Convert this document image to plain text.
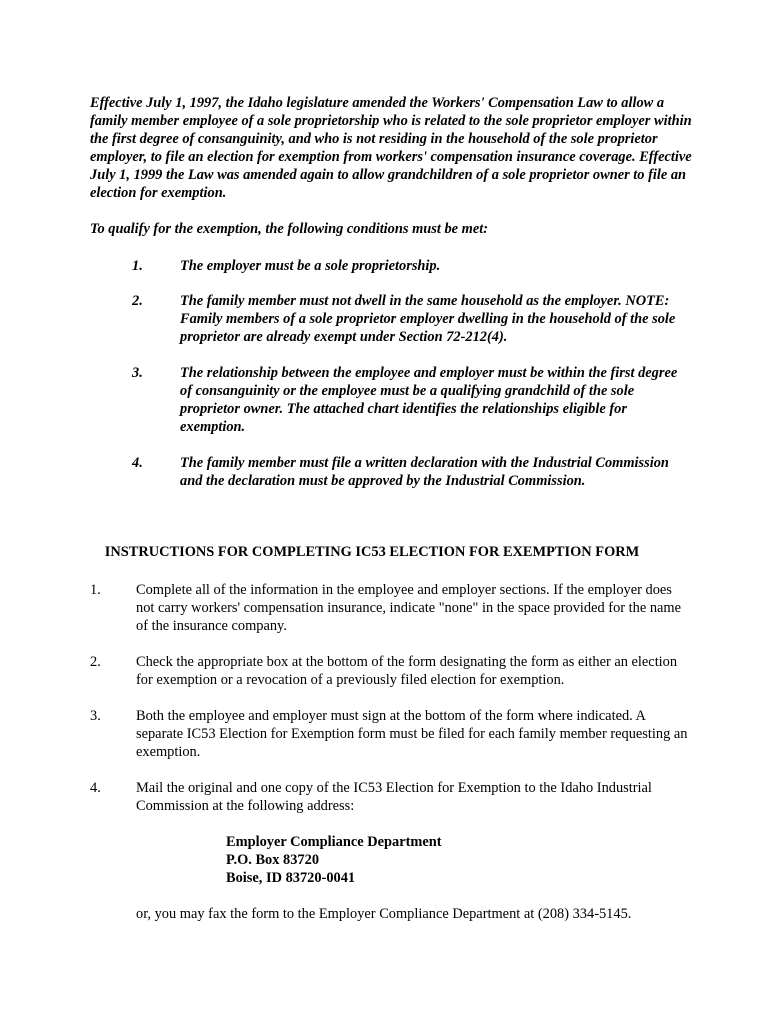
Effective July 1, 1997, the Idaho legislature amended the Workers' Compensation Law to allow a family member employee of a sole proprietorship who is related to the sole proprietor employer within the first degree of consanguinity, and who is not residing in the household of the sole proprietor employer, to file an election for exemption from workers' compensation insurance coverage. Effective July 1, 1999 the Law was amended again to allow grandchildren of a sole proprietor owner to file an election for exemption.

To qualify for the exemption, the following conditions must be met:

1.	The employer must be a sole proprietorship.
2.	The family member must not dwell in the same household as the employer. NOTE: Family members of a sole proprietor employer dwelling in the household of the sole proprietor are already exempt under Section 72-212(4).
3.	The relationship between the employee and employer must be within the first degree of consanguinity or the employee must be a qualifying grandchild of the sole proprietor owner. The attached chart identifies the relationships eligible for exemption.
4.	The family member must file a written declaration with the Industrial Commission and the declaration must be approved by the Industrial Commission.

INSTRUCTIONS FOR COMPLETING IC53 ELECTION FOR EXEMPTION FORM

1. Complete all of the information in the employee and employer sections. If the employer does not carry workers' compensation insurance, indicate "none" in the space provided for the name of the insurance company.
2. Check the appropriate box at the bottom of the form designating the form as either an election for exemption or a revocation of a previously filed election for exemption.
3. Both the employee and employer must sign at the bottom of the form where indicated. A separate IC53 Election for Exemption form must be filed for each family member requesting an exemption.
4. Mail the original and one copy of the IC53 Election for Exemption to the Idaho Industrial Commission at the following address:
Employer Compliance Department
P.O. Box 83720
Boise, ID 83720-0041
or, you may fax the form to the Employer Compliance Department at (208) 334-5145.
